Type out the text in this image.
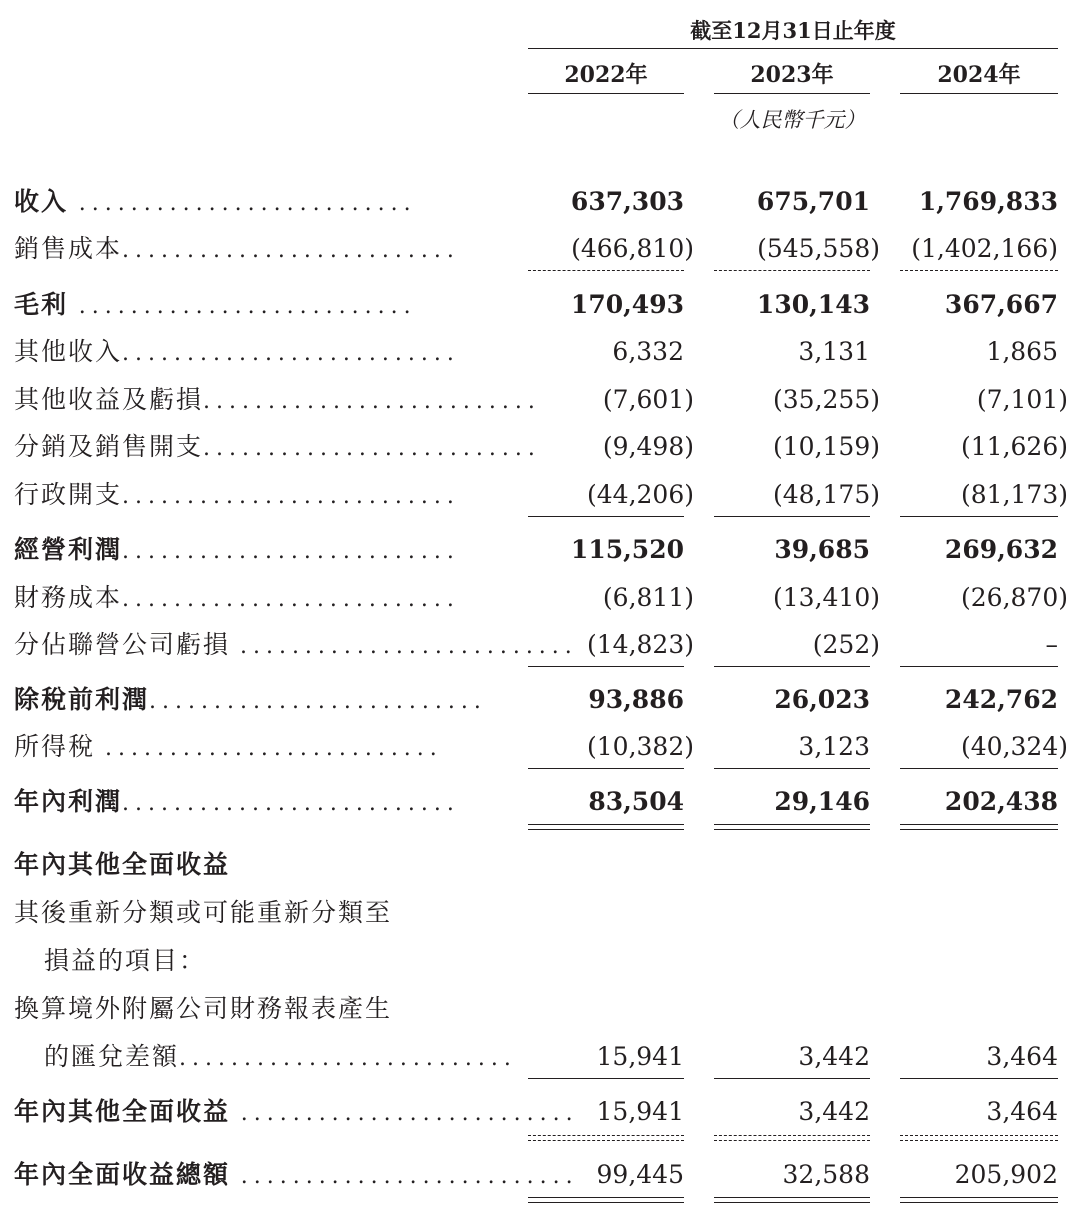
截至12月31日止年度
2022年	2023年	2024年
（人民幣千元）
收入 ..........................	637,303	675,701	1,769,833
銷售成本..........................	(466,810)	(545,558)	(1,402,166)
毛利 ..........................	170,493	130,143	367,667
其他收入..........................	6,332	3,131	1,865
其他收益及虧損..........................	(7,601)	(35,255)	(7,101)
分銷及銷售開支..........................	(9,498)	(10,159)	(11,626)
行政開支..........................	(44,206)	(48,175)	(81,173)
經營利潤..........................	115,520	39,685	269,632
財務成本..........................	(6,811)	(13,410)	(26,870)
分佔聯營公司虧損 .......................... (14,823)	(252)	–
除稅前利潤..........................	93,886	26,023	242,762
所得稅 ..........................	(10,382)	3,123	(40,324)
年內利潤..........................	83,504	29,146	202,438
年內其他全面收益
其後重新分類或可能重新分類至
損益的項目：
換算境外附屬公司財務報表產生
的匯兌差額..........................	15,941	3,442	3,464
年內其他全面收益 .......................... 15,941	3,442	3,464
年內全面收益總額 .......................... 99,445	32,588	205,902
